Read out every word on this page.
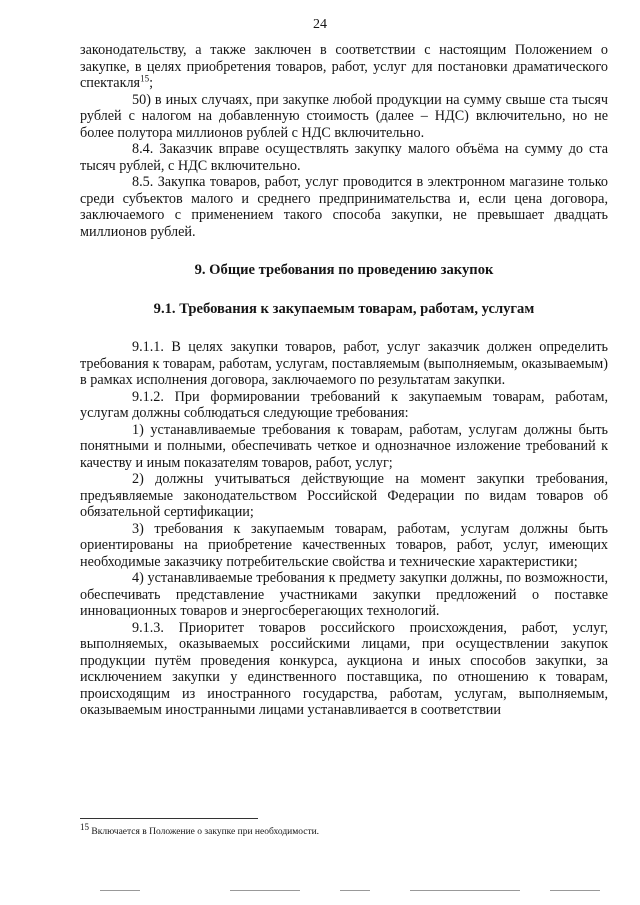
24

законодательству, а также заключен в соответствии с настоящим Положением о закупке, в целях приобретения товаров, работ, услуг для постановки драматического спектакля$^{15}$;

50) в иных случаях, при закупке любой продукции на сумму свыше ста тысяч рублей с налогом на добавленную стоимость (далее – НДС) включительно, но не более полутора миллионов рублей с НДС включительно.

8.4. Заказчик вправе осуществлять закупку малого объёма на сумму до ста тысяч рублей, с НДС включительно.

8.5. Закупка товаров, работ, услуг проводится в электронном магазине только среди субъектов малого и среднего предпринимательства и, если цена договора, заключаемого с применением такого способа закупки, не превышает двадцать миллионов рублей.

9. Общие требования по проведению закупок

9.1. Требования к закупаемым товарам, работам, услугам

9.1.1. В целях закупки товаров, работ, услуг заказчик должен определить требования к товарам, работам, услугам, поставляемым (выполняемым, оказываемым) в рамках исполнения договора, заключаемого по результатам закупки.

9.1.2. При формировании требований к закупаемым товарам, работам, услугам должны соблюдаться следующие требования:

1) устанавливаемые требования к товарам, работам, услугам должны быть понятными и полными, обеспечивать четкое и однозначное изложение требований к качеству и иным показателям товаров, работ, услуг;

2) должны учитываться действующие на момент закупки требования, предъявляемые законодательством Российской Федерации по видам товаров об обязательной сертификации;

3) требования к закупаемым товарам, работам, услугам должны быть ориентированы на приобретение качественных товаров, работ, услуг, имеющих необходимые заказчику потребительские свойства и технические характеристики;

4) устанавливаемые требования к предмету закупки должны, по возможности, обеспечивать представление участниками закупки предложений о поставке инновационных товаров и энергосберегающих технологий.

9.1.3. Приоритет товаров российского происхождения, работ, услуг, выполняемых, оказываемых российскими лицами, при осуществлении закупок продукции путём проведения конкурса, аукциона и иных способов закупки, за исключением закупки у единственного поставщика, по отношению к товарам, происходящим из иностранного государства, работам, услугам, выполняемым, оказываемым иностранными лицами устанавливается в соответствии

$^{15}$ Включается в Положение о закупке при необходимости.
